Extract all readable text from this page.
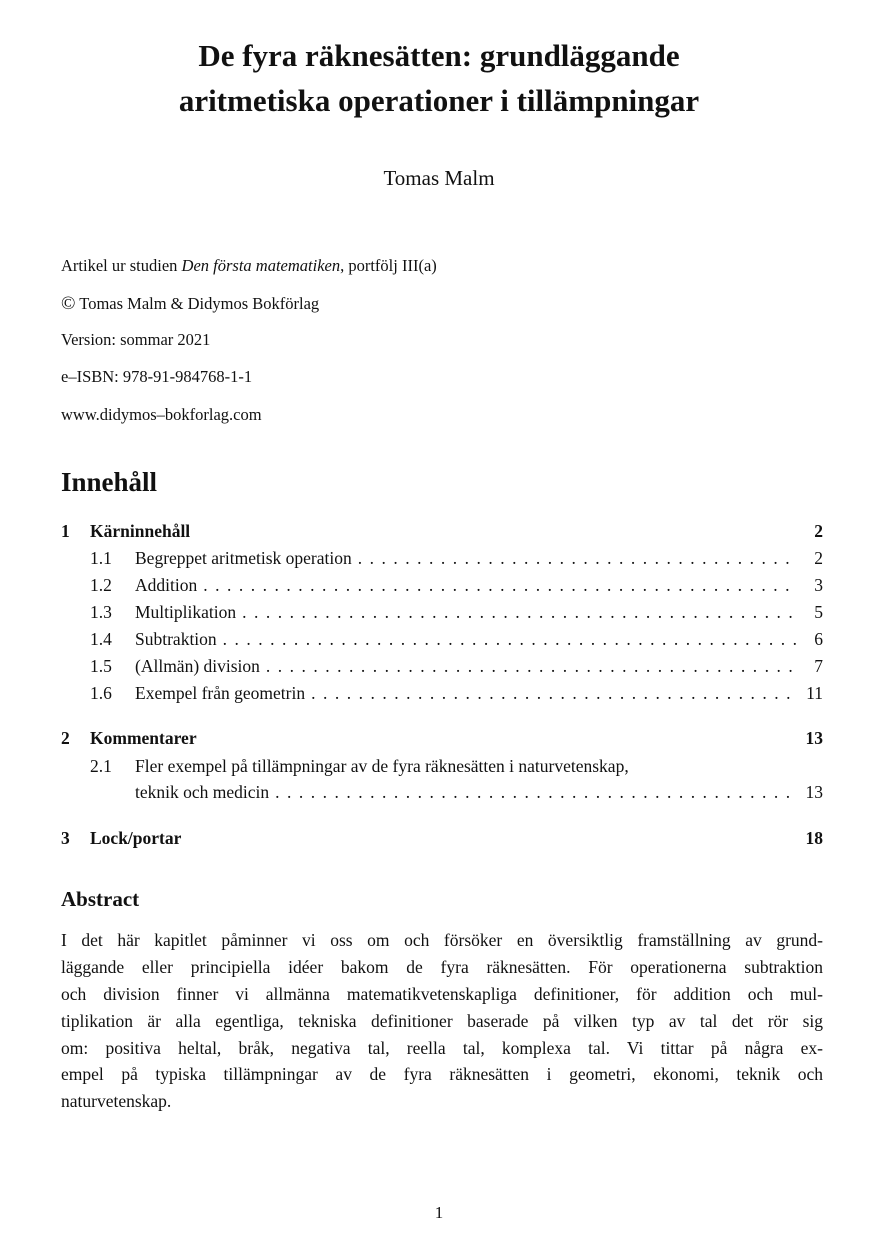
De fyra räknesätten: grundläggande
aritmetiska operationer i tillämpningar
Tomas Malm
Artikel ur studien Den första matematiken, portfölj III(a)
© Tomas Malm & Didymos Bokförlag
Version: sommar 2021
e–ISBN: 978-91-984768-1-1
www.didymos–bokforlag.com
Innehåll
1	Kärninnehåll	2
1.1	Begreppet aritmetisk operation .....	2
1.2	Addition .....	3
1.3	Multiplikation .....	5
1.4	Subtraktion .....	6
1.5	(Allmän) division .....	7
1.6	Exempel från geometrin .....	11
2	Kommentarer	13
2.1	Fler exempel på tillämpningar av de fyra räknesätten i naturvetenskap,
teknik och medicin .....	13
3	Lock/portar	18
Abstract
I det här kapitlet påminner vi oss om och försöker en översiktlig framställning av grund-
läggande eller principiella idéer bakom de fyra räknesätten. För operationerna subtraktion
och division finner vi allmänna matematikvetenskapliga definitioner, för addition och mul-
tiplikation är alla egentliga, tekniska definitioner baserade på vilken typ av tal det rör sig
om: positiva heltal, bråk, negativa tal, reella tal, komplexa tal. Vi tittar på några ex-
empel på typiska tillämpningar av de fyra räknesätten i geometri, ekonomi, teknik och
naturvetenskap.
1
